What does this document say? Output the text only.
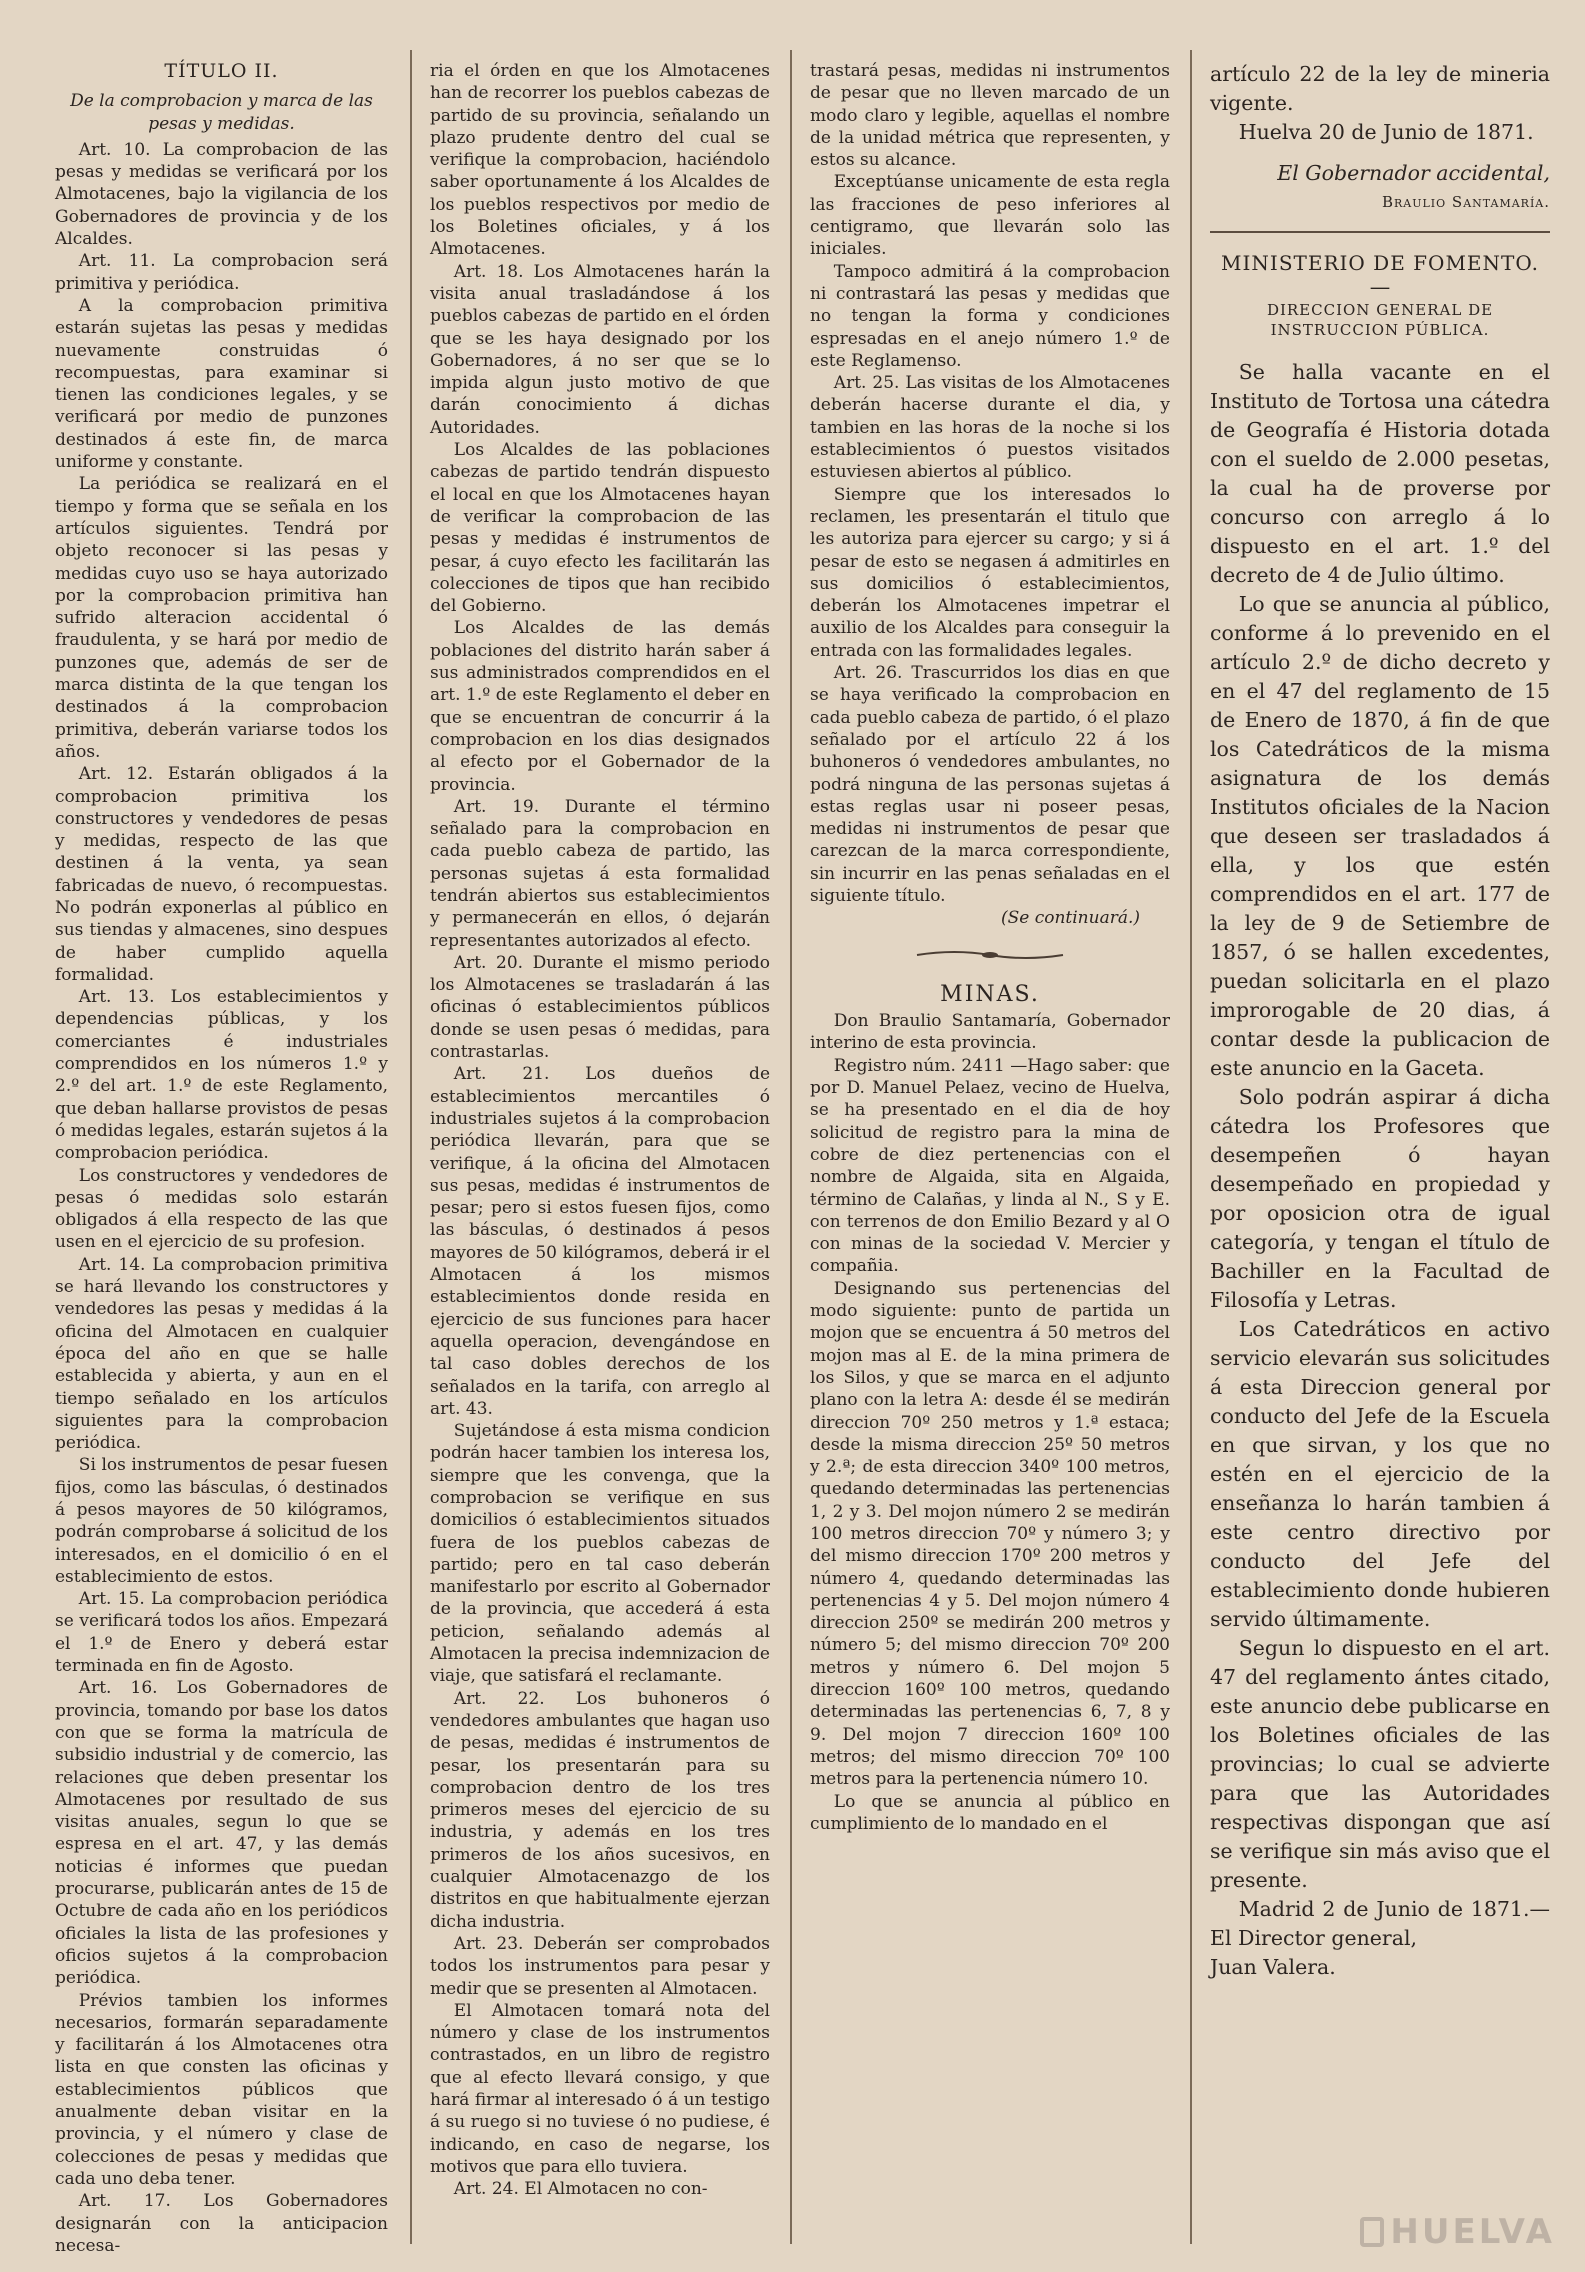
TÍTULO II.

De la comprobacion y marca de las pesas y medidas.

Art. 10. La comprobacion de las pesas y medidas se verificará por los Almotacenes, bajo la vigilancia de los Gobernadores de provincia y de los Alcaldes.

Art. 11. La comprobacion será primitiva y periódica.

A la comprobacion primitiva estarán sujetas las pesas y medidas nuevamente construidas ó recompuestas, para examinar si tienen las condiciones legales, y se verificará por medio de punzones destinados á este fin, de marca uniforme y constante.

La periódica se realizará en el tiempo y forma que se señala en los artículos siguientes. Tendrá por objeto reconocer si las pesas y medidas cuyo uso se haya autorizado por la comprobacion primitiva han sufrido alteracion accidental ó fraudulenta, y se hará por medio de punzones que, además de ser de marca distinta de la que tengan los destinados á la comprobacion primitiva, deberán variarse todos los años.

Art. 12. Estarán obligados á la comprobacion primitiva los constructores y vendedores de pesas y medidas, respecto de las que destinen á la venta, ya sean fabricadas de nuevo, ó recompuestas. No podrán exponerlas al público en sus tiendas y almacenes, sino despues de haber cumplido aquella formalidad.

Art. 13. Los establecimientos y dependencias públicas, y los comerciantes é industriales comprendidos en los números 1.º y 2.º del art. 1.º de este Reglamento, que deban hallarse provistos de pesas ó medidas legales, estarán sujetos á la comprobacion periódica.

Los constructores y vendedores de pesas ó medidas solo estarán obligados á ella respecto de las que usen en el ejercicio de su profesion.

Art. 14. La comprobacion primitiva se hará llevando los constructores y vendedores las pesas y medidas á la oficina del Almotacen en cualquier época del año en que se halle establecida y abierta, y aun en el tiempo señalado en los artículos siguientes para la comprobacion periódica.

Si los instrumentos de pesar fuesen fijos, como las básculas, ó destinados á pesos mayores de 50 kilógramos, podrán comprobarse á solicitud de los interesados, en el domicilio ó en el establecimiento de estos.

Art. 15. La comprobacion periódica se verificará todos los años. Empezará el 1.º de Enero y deberá estar terminada en fin de Agosto.

Art. 16. Los Gobernadores de provincia, tomando por base los datos con que se forma la matrícula de subsidio industrial y de comercio, las relaciones que deben presentar los Almotacenes por resultado de sus visitas anuales, segun lo que se espresa en el art. 47, y las demás noticias é informes que puedan procurarse, publicarán antes de 15 de Octubre de cada año en los periódicos oficiales la lista de las profesiones y oficios sujetos á la comprobacion periódica.

Prévios tambien los informes necesarios, formarán separadamente y facilitarán á los Almotacenes otra lista en que consten las oficinas y establecimientos públicos que anualmente deban visitar en la provincia, y el número y clase de colecciones de pesas y medidas que cada uno deba tener.

Art. 17. Los Gobernadores designarán con la anticipacion necesa-

ria el órden en que los Almotacenes han de recorrer los pueblos cabezas de partido de su provincia, señalando un plazo prudente dentro del cual se verifique la comprobacion, haciéndolo saber oportunamente á los Alcaldes de los pueblos respectivos por medio de los Boletines oficiales, y á los Almotacenes.

Art. 18. Los Almotacenes harán la visita anual trasladándose á los pueblos cabezas de partido en el órden que se les haya designado por los Gobernadores, á no ser que se lo impida algun justo motivo de que darán conocimiento á dichas Autoridades.

Los Alcaldes de las poblaciones cabezas de partido tendrán dispuesto el local en que los Almotacenes hayan de verificar la comprobacion de las pesas y medidas é instrumentos de pesar, á cuyo efecto les facilitarán las colecciones de tipos que han recibido del Gobierno.

Los Alcaldes de las demás poblaciones del distrito harán saber á sus administrados comprendidos en el art. 1.º de este Reglamento el deber en que se encuentran de concurrir á la comprobacion en los dias designados al efecto por el Gobernador de la provincia.

Art. 19. Durante el término señalado para la comprobacion en cada pueblo cabeza de partido, las personas sujetas á esta formalidad tendrán abiertos sus establecimientos y permanecerán en ellos, ó dejarán representantes autorizados al efecto.

Art. 20. Durante el mismo periodo los Almotacenes se trasladarán á las oficinas ó establecimientos públicos donde se usen pesas ó medidas, para contrastarlas.

Art. 21. Los dueños de establecimientos mercantiles ó industriales sujetos á la comprobacion periódica llevarán, para que se verifique, á la oficina del Almotacen sus pesas, medidas é instrumentos de pesar; pero si estos fuesen fijos, como las básculas, ó destinados á pesos mayores de 50 kilógramos, deberá ir el Almotacen á los mismos establecimientos donde resida en ejercicio de sus funciones para hacer aquella operacion, devengándose en tal caso dobles derechos de los señalados en la tarifa, con arreglo al art. 43.

Sujetándose á esta misma condicion podrán hacer tambien los interesa los, siempre que les convenga, que la comprobacion se verifique en sus domicilios ó establecimientos situados fuera de los pueblos cabezas de partido; pero en tal caso deberán manifestarlo por escrito al Gobernador de la provincia, que accederá á esta peticion, señalando además al Almotacen la precisa indemnizacion de viaje, que satisfará el reclamante.

Art. 22. Los buhoneros ó vendedores ambulantes que hagan uso de pesas, medidas é instrumentos de pesar, los presentarán para su comprobacion dentro de los tres primeros meses del ejercicio de su industria, y además en los tres primeros de los años sucesivos, en cualquier Almotacenazgo de los distritos en que habitualmente ejerzan dicha industria.

Art. 23. Deberán ser comprobados todos los instrumentos para pesar y medir que se presenten al Almotacen.

El Almotacen tomará nota del número y clase de los instrumentos contrastados, en un libro de registro que al efecto llevará consigo, y que hará firmar al interesado ó á un testigo á su ruego si no tuviese ó no pudiese, é indicando, en caso de negarse, los motivos que para ello tuviera.

Art. 24. El Almotacen no con-

trastará pesas, medidas ni instrumentos de pesar que no lleven marcado de un modo claro y legible, aquellas el nombre de la unidad métrica que representen, y estos su alcance.

Exceptúanse unicamente de esta regla las fracciones de peso inferiores al centigramo, que llevarán solo las iniciales.

Tampoco admitirá á la comprobacion ni contrastará las pesas y medidas que no tengan la forma y condiciones espresadas en el anejo número 1.º de este Reglamenso.

Art. 25. Las visitas de los Almotacenes deberán hacerse durante el dia, y tambien en las horas de la noche si los establecimientos ó puestos visitados estuviesen abiertos al público.

Siempre que los interesados lo reclamen, les presentarán el titulo que les autoriza para ejercer su cargo; y si á pesar de esto se negasen á admitirles en sus domicilios ó establecimientos, deberán los Almotacenes impetrar el auxilio de los Alcaldes para conseguir la entrada con las formalidades legales.

Art. 26. Trascurridos los dias en que se haya verificado la comprobacion en cada pueblo cabeza de partido, ó el plazo señalado por el artículo 22 á los buhoneros ó vendedores ambulantes, no podrá ninguna de las personas sujetas á estas reglas usar ni poseer pesas, medidas ni instrumentos de pesar que carezcan de la marca correspondiente, sin incurrir en las penas señaladas en el siguiente título.

(Se continuará.)

MINAS.

Don Braulio Santamaría, Gobernador interino de esta provincia.

Registro núm. 2411 —Hago saber: que por D. Manuel Pelaez, vecino de Huelva, se ha presentado en el dia de hoy solicitud de registro para la mina de cobre de diez pertenencias con el nombre de Algaida, sita en Algaida, término de Calañas, y linda al N., S y E. con terrenos de don Emilio Bezard y al O con minas de la sociedad V. Mercier y compañia.

Designando sus pertenencias del modo siguiente: punto de partida un mojon que se encuentra á 50 metros del mojon mas al E. de la mina primera de los Silos, y que se marca en el adjunto plano con la letra A: desde él se medirán direccion 70º 250 metros y 1.ª estaca; desde la misma direccion 25º 50 metros y 2.ª; de esta direccion 340º 100 metros, quedando determinadas las pertenencias 1, 2 y 3. Del mojon número 2 se medirán 100 metros direccion 70º y número 3; y del mismo direccion 170º 200 metros y número 4, quedando determinadas las pertenencias 4 y 5. Del mojon número 4 direccion 250º se medirán 200 metros y número 5; del mismo direccion 70º 200 metros y número 6. Del mojon 5 direccion 160º 100 metros, quedando determinadas las pertenencias 6, 7, 8 y 9. Del mojon 7 direccion 160º 100 metros; del mismo direccion 70º 100 metros para la pertenencia número 10.

Lo que se anuncia al público en cumplimiento de lo mandado en el

artículo 22 de la ley de mineria vigente.

Huelva 20 de Junio de 1871.

El Gobernador accidental,

Braulio Santamaría.

MINISTERIO DE FOMENTO.

—

DIRECCION GENERAL DE INSTRUCCION PÚBLICA.

Se halla vacante en el Instituto de Tortosa una cátedra de Geografía é Historia dotada con el sueldo de 2.000 pesetas, la cual ha de proverse por concurso con arreglo á lo dispuesto en el art. 1.º del decreto de 4 de Julio último.

Lo que se anuncia al público, conforme á lo prevenido en el artículo 2.º de dicho decreto y en el 47 del reglamento de 15 de Enero de 1870, á fin de que los Catedráticos de la misma asignatura de los demás Institutos oficiales de la Nacion que deseen ser trasladados á ella, y los que estén comprendidos en el art. 177 de la ley de 9 de Setiembre de 1857, ó se hallen excedentes, puedan solicitarla en el plazo improrogable de 20 dias, á contar desde la publicacion de este anuncio en la Gaceta.

Solo podrán aspirar á dicha cátedra los Profesores que desempeñen ó hayan desempeñado en propiedad y por oposicion otra de igual categoría, y tengan el título de Bachiller en la Facultad de Filosofía y Letras.

Los Catedráticos en activo servicio elevarán sus solicitudes á esta Direccion general por conducto del Jefe de la Escuela en que sirvan, y los que no estén en el ejercicio de la enseñanza lo harán tambien á este centro directivo por conducto del Jefe del establecimiento donde hubieren servido últimamente.

Segun lo dispuesto en el art. 47 del reglamento ántes citado, este anuncio debe publicarse en los Boletines oficiales de las provincias; lo cual se advierte para que las Autoridades respectivas dispongan que así se verifique sin más aviso que el presente.

Madrid 2 de Junio de 1871.—El Director general,

Juan Valera.

HUELVA
